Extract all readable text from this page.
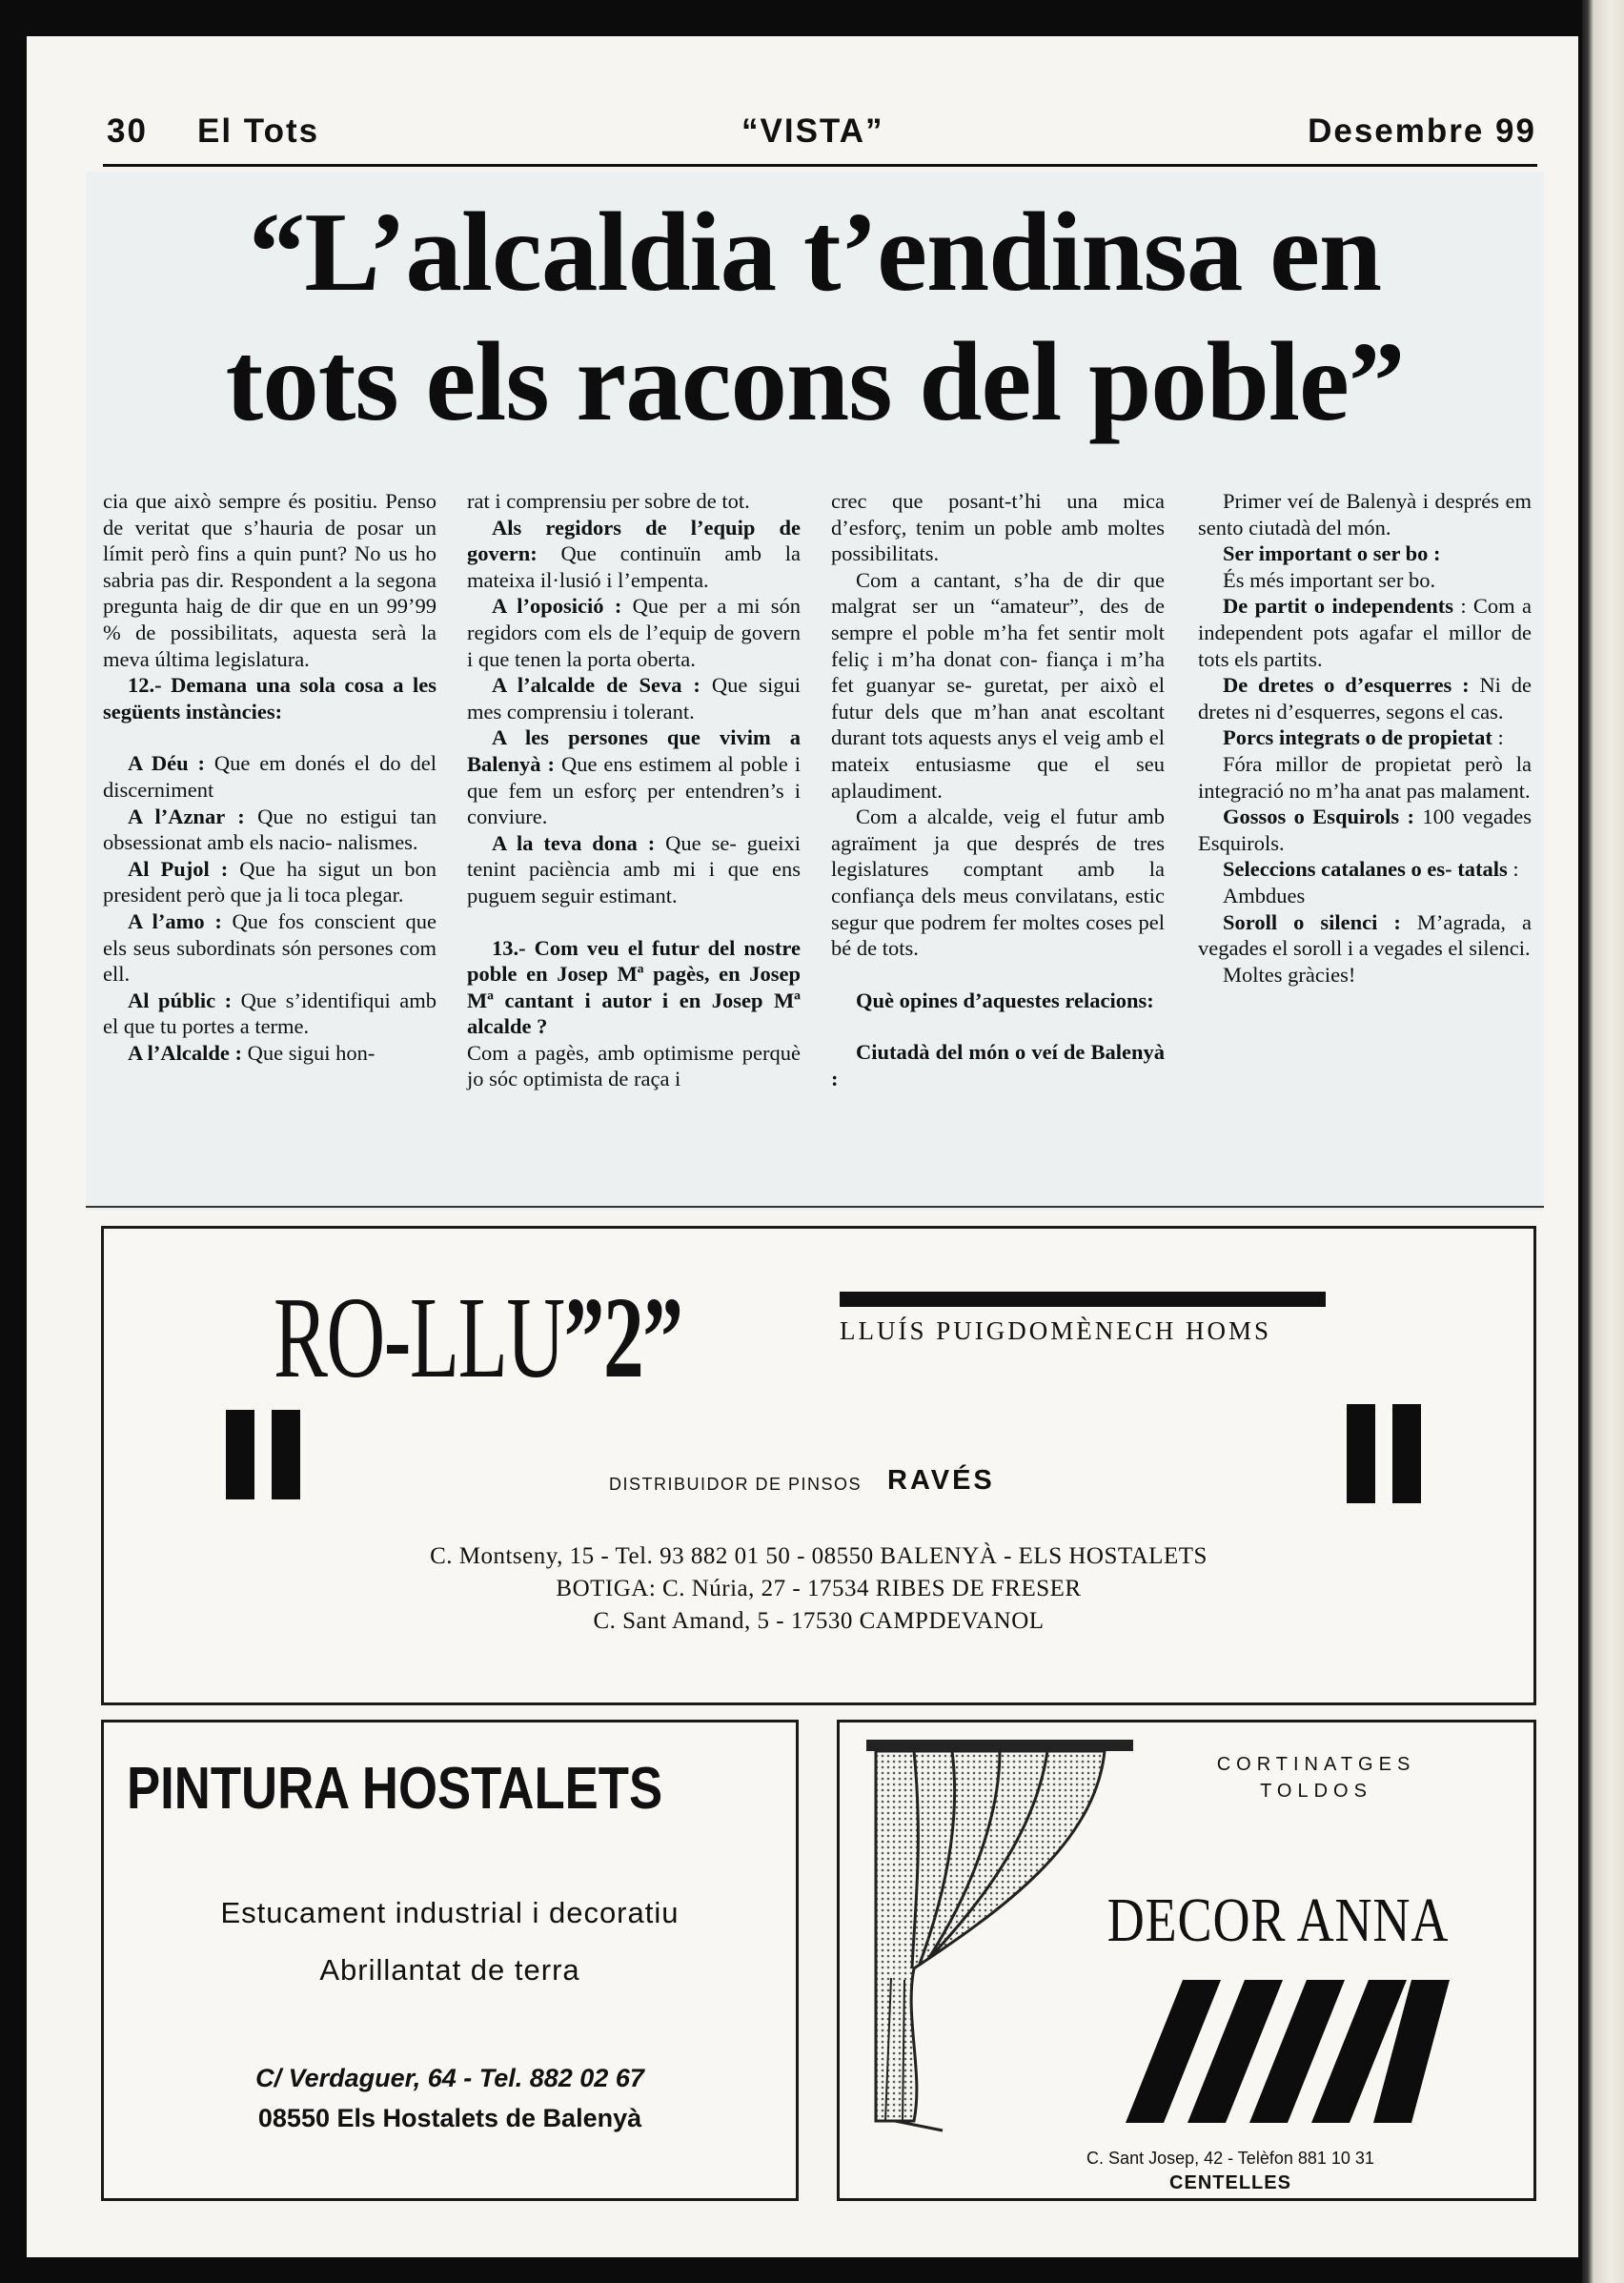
30 El Tots	“VISTA”	Desembre 99
“L’alcaldia t’endinsa en
tots els racons del poble”

cia que això sempre és positiu. Penso de veritat que s’hauria de posar un límit però fins a quin punt? No us ho sabria pas dir. Respondent a la segona pregunta haig de dir que en un 99’99 % de possibilitats, aquesta serà la meva última legislatura.

12.- Demana una sola cosa a les següents instàncies:

A Déu : Que em donés el do del discerniment

A l’Aznar : Que no estigui tan obsessionat amb els nacio- nalismes.

Al Pujol : Que ha sigut un bon president però que ja li toca plegar.

A l’amo : Que fos conscient que els seus subordinats són persones com ell.

Al públic : Que s’identifiqui amb el que tu portes a terme.

A l’Alcalde : Que sigui hon-

rat i comprensiu per sobre de tot.

Als regidors de l’equip de govern: Que continuïn amb la mateixa il·lusió i l’empenta.

A l’oposició : Que per a mi són regidors com els de l’equip de govern i que tenen la porta oberta.

A l’alcalde de Seva : Que sigui mes comprensiu i tolerant.

A les persones que vivim a Balenyà : Que ens estimem al poble i que fem un esforç per entendren’s i conviure.

A la teva dona : Que se- gueixi tenint paciència amb mi i que ens puguem seguir estimant.

13.- Com veu el futur del nostre poble en Josep Mª pagès, en Josep Mª cantant i autor i en Josep Mª alcalde ?

Com a pagès, amb optimisme perquè jo sóc optimista de raça i

crec que posant-t’hi una mica d’esforç, tenim un poble amb moltes possibilitats.

Com a cantant, s’ha de dir que malgrat ser un “amateur”, des de sempre el poble m’ha fet sentir molt feliç i m’ha donat con- fiança i m’ha fet guanyar se- guretat, per això el futur dels que m’han anat escoltant durant tots aquests anys el veig amb el mateix entusiasme que el seu aplaudiment.

Com a alcalde, veig el futur amb agraïment ja que després de tres legislatures comptant amb la confiança dels meus convilatans, estic segur que podrem fer moltes coses pel bé de tots.

Què opines d’aquestes relacions:

Ciutadà del món o veí de Balenyà :

Primer veí de Balenyà i després em sento ciutadà del món.

Ser important o ser bo :

És més important ser bo.

De partit o independents : Com a independent pots agafar el millor de tots els partits.

De dretes o d’esquerres : Ni de dretes ni d’esquerres, segons el cas.

Porcs integrats o de propietat :

Fóra millor de propietat però la integració no m’ha anat pas malament.

Gossos o Esquirols : 100 vegades Esquirols.

Seleccions catalanes o es- tatals :

Ambdues

Soroll o silenci : M’agrada, a vegades el soroll i a vegades el silenci.

Moltes gràcies!

RO-LLU”2”	LLUÍS PUIGDOMÈNECH HOMS
DISTRIBUIDOR DE PINSOS RAVÉS
C. Montseny, 15 - Tel. 93 882 01 50 - 08550 BALENYÀ - ELS HOSTALETS
BOTIGA: C. Núria, 27 - 17534 RIBES DE FRESER
C. Sant Amand, 5 - 17530 CAMPDEVANOL
PINTURA HOSTALETS
Estucament industrial i decoratiu
Abrillantat de terra
C/ Verdaguer, 64 - Tel. 882 02 67
08550 Els Hostalets de Balenyà
CORTINATGES
TOLDOS
DECOR ANNA
C. Sant Josep, 42 - Telèfon 881 10 31
CENTELLES
